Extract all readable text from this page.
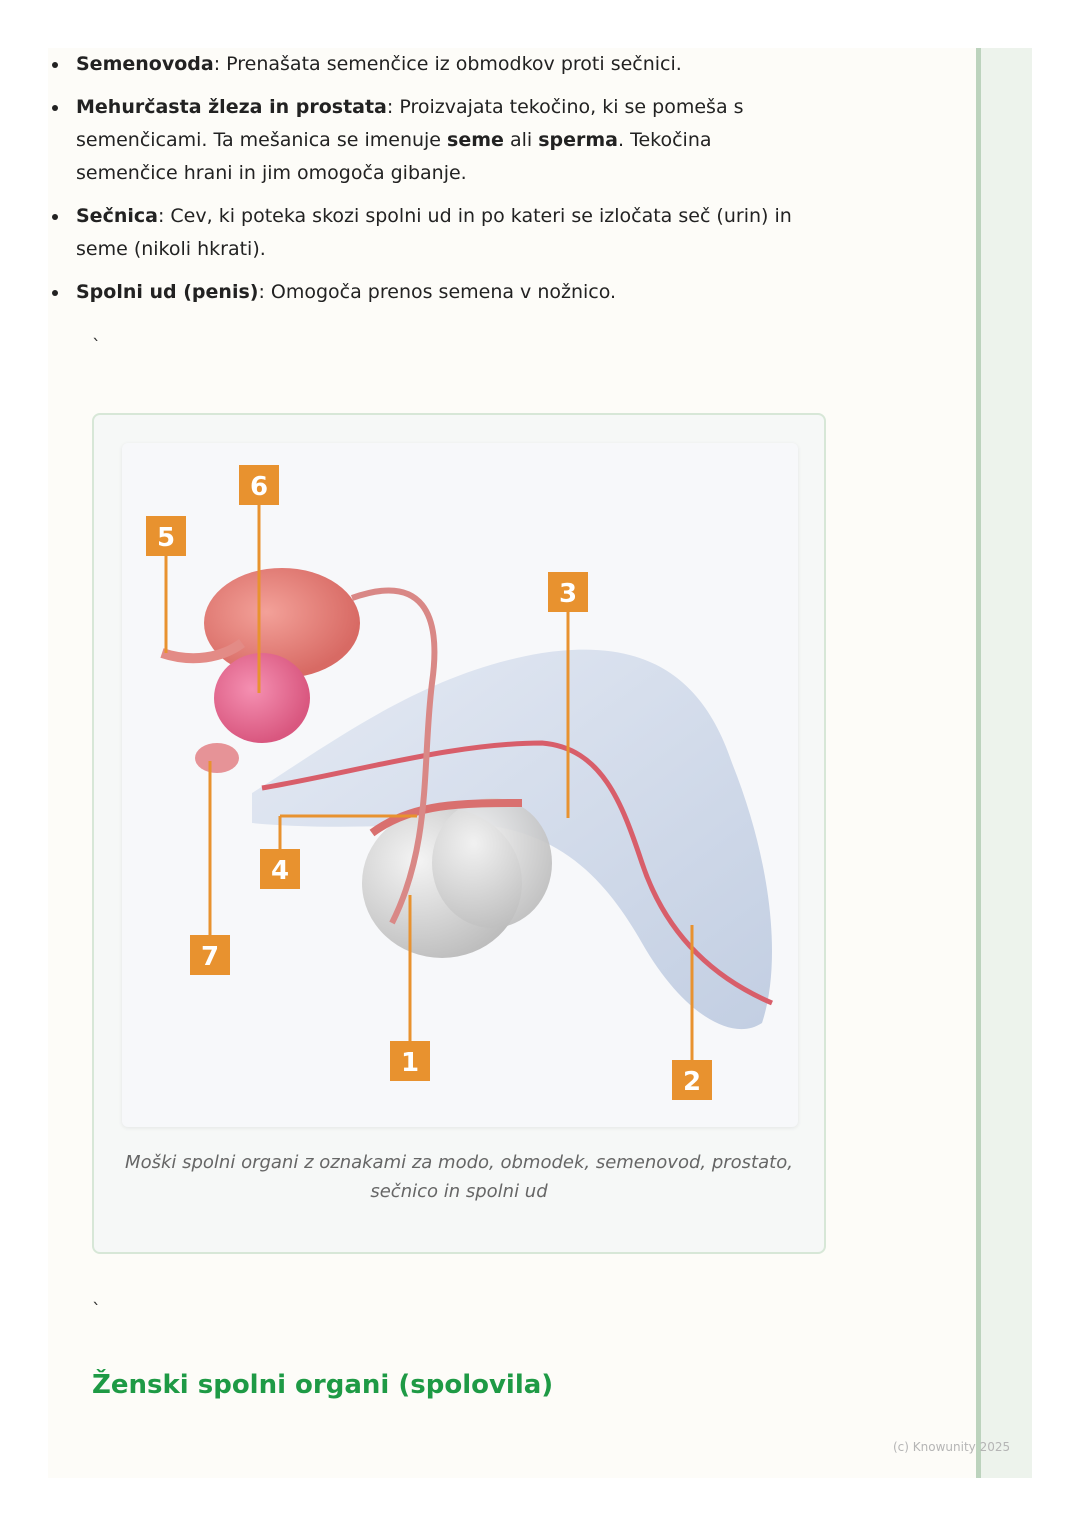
Semenovoda: Prenašata semenčice iz obmodkov proti sečnici.
Mehurčasta žleza in prostata: Proizvajata tekočino, ki se pomeša s semenčicami. Ta mešanica se imenuje seme ali sperma. Tekočina semenčice hrani in jim omogoča gibanje.
Sečnica: Cev, ki poteka skozi spolni ud in po kateri se izločata seč (urin) in seme (nikoli hkrati).
Spolni ud (penis): Omogoča prenos semena v nožnico.
`
1
2
3
4
5
6
7
Moški spolni organi z oznakami za modo, obmodek, semenovod, prostato, sečnico in spolni ud
`
Ženski spolni organi (spolovila)
(c) Knowunity 2025
